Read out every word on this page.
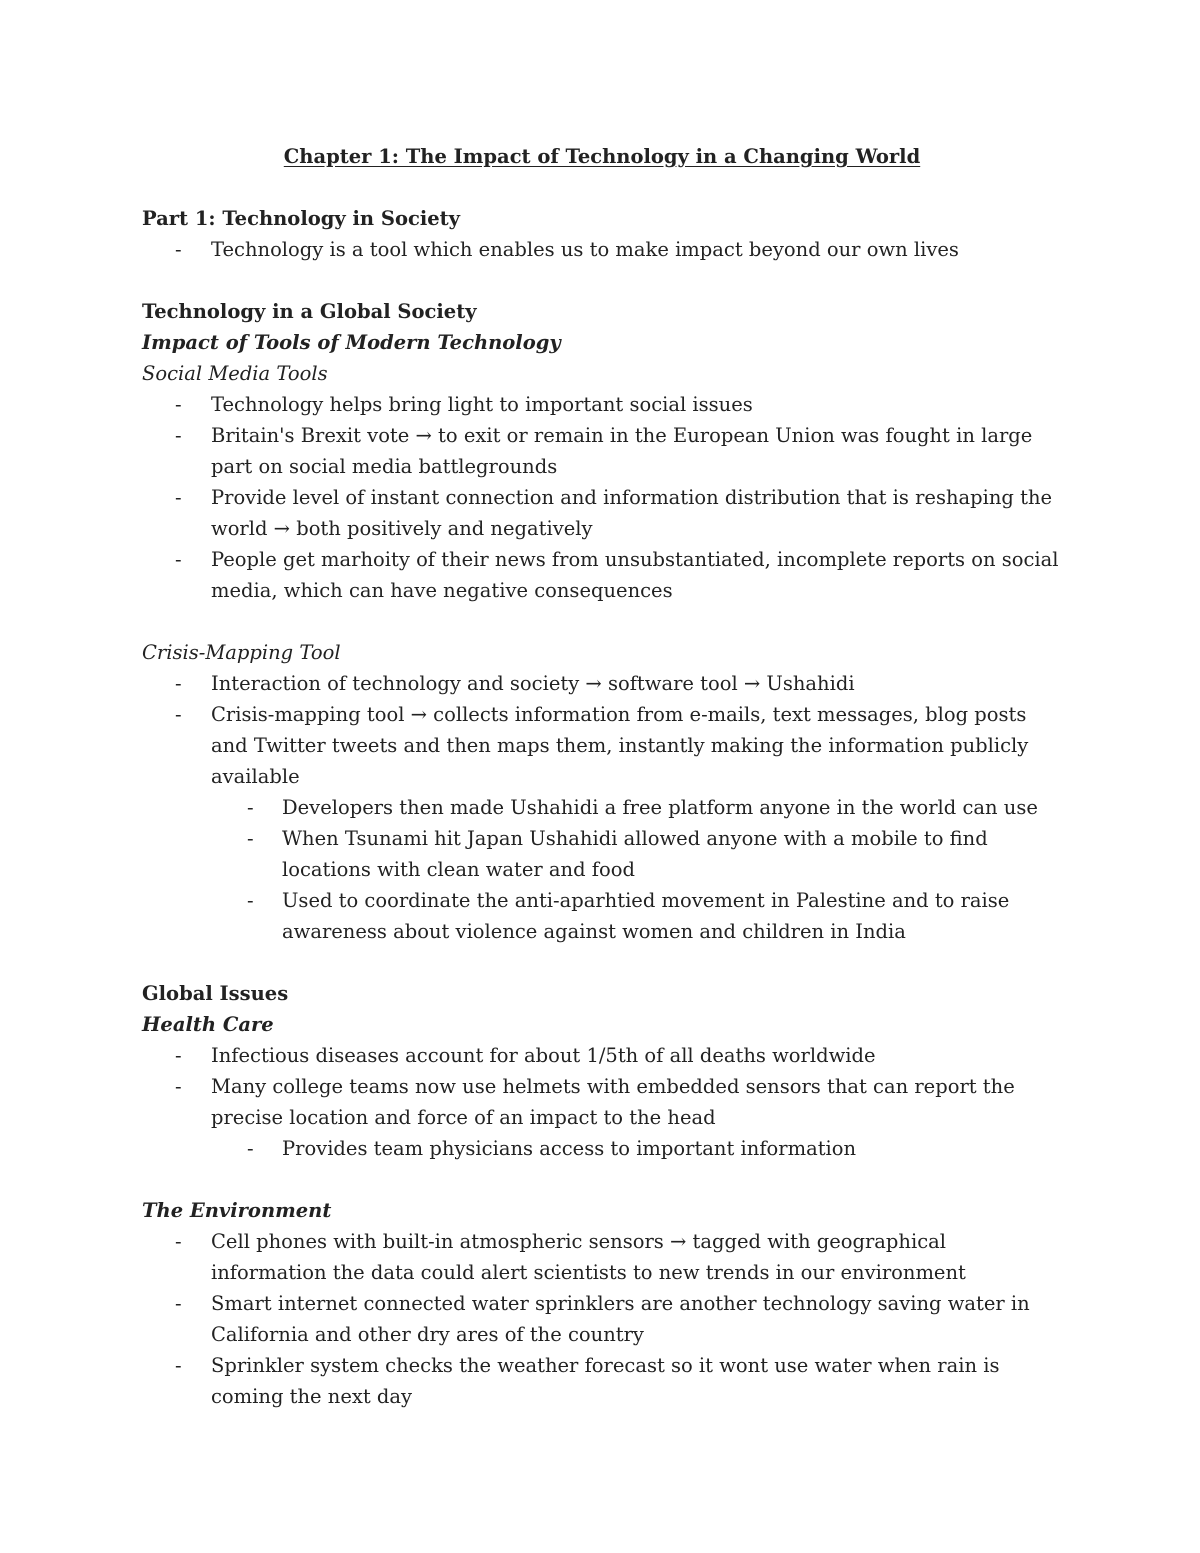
Chapter 1: The Impact of Technology in a Changing World
Part 1: Technology in Society
- Technology is a tool which enables us to make impact beyond our own lives
Technology in a Global Society
Impact of Tools of Modern Technology
Social Media Tools
- Technology helps bring light to important social issues
- Britain's Brexit vote → to exit or remain in the European Union was fought in large part on social media battlegrounds
- Provide level of instant connection and information distribution that is reshaping the world → both positively and negatively
- People get marhoity of their news from unsubstantiated, incomplete reports on social media, which can have negative consequences
Crisis-Mapping Tool
- Interaction of technology and society → software tool → Ushahidi
- Crisis-mapping tool → collects information from e-mails, text messages, blog posts and Twitter tweets and then maps them, instantly making the information publicly available
- Developers then made Ushahidi a free platform anyone in the world can use
- When Tsunami hit Japan Ushahidi allowed anyone with a mobile to find locations with clean water and food
- Used to coordinate the anti-aparhtied movement in Palestine and to raise awareness about violence against women and children in India
Global Issues
Health Care
- Infectious diseases account for about 1/5th of all deaths worldwide
- Many college teams now use helmets with embedded sensors that can report the precise location and force of an impact to the head
- Provides team physicians access to important information
The Environment
- Cell phones with built-in atmospheric sensors → tagged with geographical information the data could alert scientists to new trends in our environment
- Smart internet connected water sprinklers are another technology saving water in California and other dry ares of the country
- Sprinkler system checks the weather forecast so it wont use water when rain is coming the next day
